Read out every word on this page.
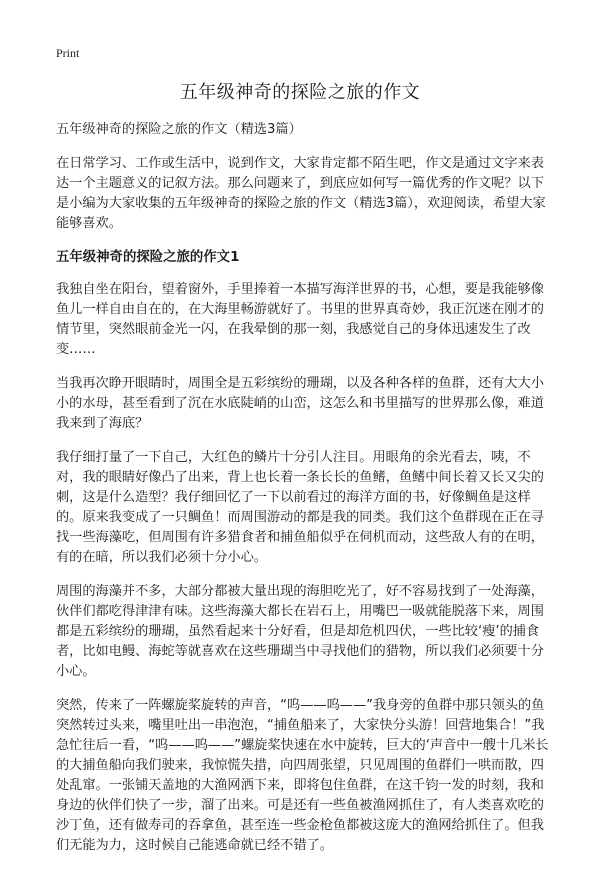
Print
五年级神奇的探险之旅的作文

五年级神奇的探险之旅的作文（精选3篇）

在日常学习、工作或生活中，说到作文，大家肯定都不陌生吧，作文是通过文字来表达一个主题意义的记叙方法。那么问题来了，到底应如何写一篇优秀的作文呢？以下是小编为大家收集的五年级神奇的探险之旅的作文（精选3篇），欢迎阅读，希望大家能够喜欢。

五年级神奇的探险之旅的作文1

我独自坐在阳台，望着窗外，手里捧着一本描写海洋世界的书，心想，要是我能够像鱼儿一样自由自在的，在大海里畅游就好了。书里的世界真奇妙，我正沉迷在刚才的情节里，突然眼前金光一闪，在我晕倒的那一刻，我感觉自己的身体迅速发生了改变……

当我再次睁开眼睛时，周围全是五彩缤纷的珊瑚，以及各种各样的鱼群，还有大大小小的水母，甚至看到了沉在水底陡峭的山峦，这怎么和书里描写的世界那么像，难道我来到了海底？

我仔细打量了一下自己，大红色的鳞片十分引人注目。用眼角的余光看去，咦，不对，我的眼睛好像凸了出来，背上也长着一条长长的鱼鳍，鱼鳍中间长着又长又尖的刺，这是什么造型？我仔细回忆了一下以前看过的海洋方面的书，好像鲷鱼是这样的。原来我变成了一只鲷鱼！而周围游动的都是我的同类。我们这个鱼群现在正在寻找一些海藻吃，但周围有许多猎食者和捕鱼船似乎在伺机而动，这些敌人有的在明，有的在暗，所以我们必须十分小心。

周围的海藻并不多，大部分都被大量出现的海胆吃光了，好不容易找到了一处海藻，伙伴们都吃得津津有味。这些海藻大都长在岩石上，用嘴巴一吸就能脱落下来，周围都是五彩缤纷的珊瑚，虽然看起来十分好看，但是却危机四伏，一些比较‘瘦’的捕食者，比如电鳗、海蛇等就喜欢在这些珊瑚当中寻找他们的猎物，所以我们必须要十分小心。

突然，传来了一阵螺旋桨旋转的声音，“呜——呜——”我身旁的鱼群中那只领头的鱼突然转过头来，嘴里吐出一串泡泡，“捕鱼船来了，大家快分头游！回营地集合！”我急忙往后一看，“呜——呜——”螺旋桨快速在水中旋转，巨大的‘声音中一艘十几米长的大捕鱼船向我们驶来，我惊慌失措，向四周张望，只见周围的鱼群们一哄而散，四处乱窜。一张铺天盖地的大渔网洒下来，即将包住鱼群，在这千钧一发的时刻，我和身边的伙伴们快了一步，溜了出来。可是还有一些鱼被渔网抓住了，有人类喜欢吃的沙丁鱼，还有做寿司的吞拿鱼，甚至连一些金枪鱼都被这庞大的渔网给抓住了。但我们无能为力，这时候自己能逃命就已经不错了。
